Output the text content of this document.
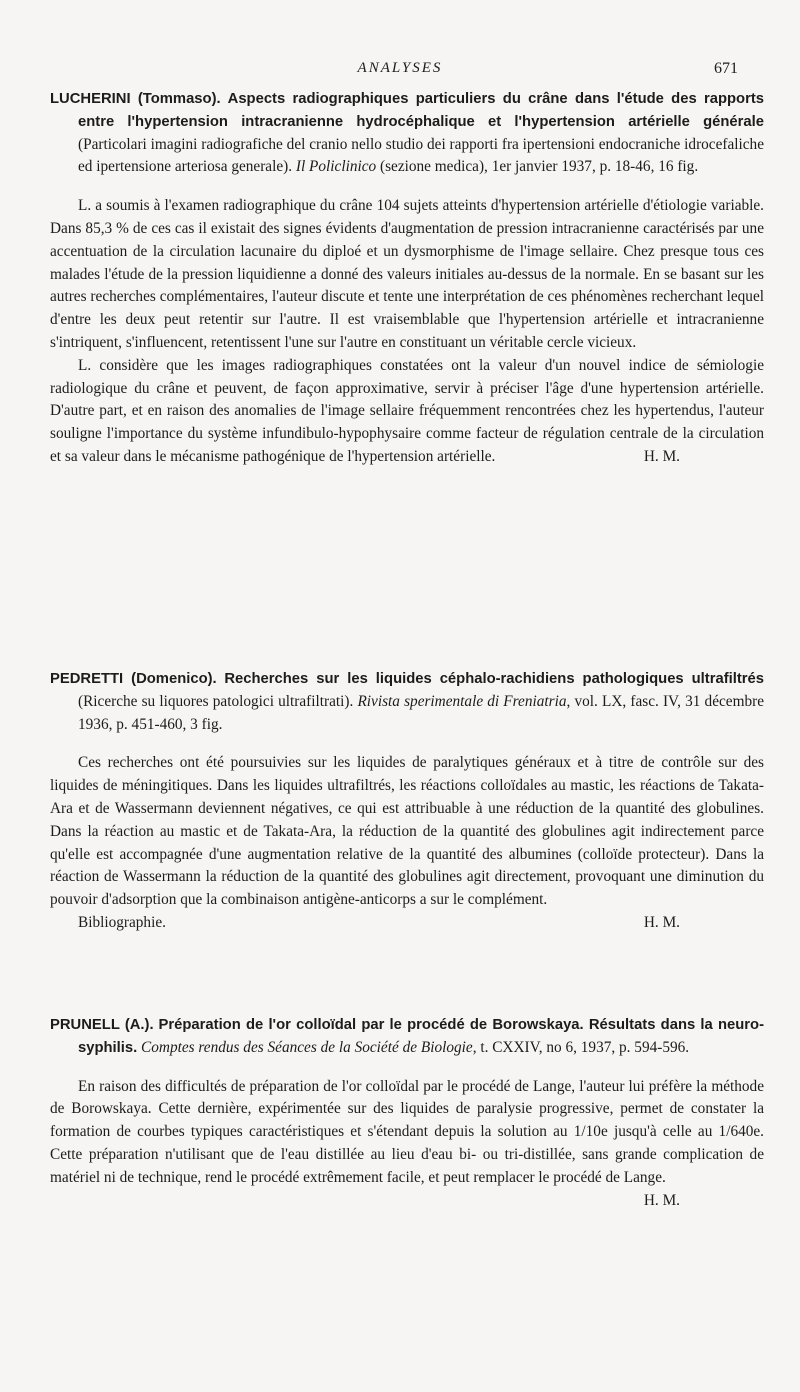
ANALYSES	671

LUCHERINI (Tommaso). Aspects radiographiques particuliers du crâne dans l'étude des rapports entre l'hypertension intracranienne hydrocéphalique et l'hypertension artérielle générale (Particolari imagini radiografiche del cranio nello studio dei rapporti fra ipertensioni endocraniche idrocefaliche ed ipertensione arteriosa generale). Il Policlinico (sezione medica), 1er janvier 1937, p. 18-46, 16 fig.

L. a soumis à l'examen radiographique du crâne 104 sujets atteints d'hypertension artérielle d'étiologie variable. Dans 85,3 % de ces cas il existait des signes évidents d'augmentation de pression intracranienne caractérisés par une accentuation de la circulation lacunaire du diploé et un dysmorphisme de l'image sellaire. Chez presque tous ces malades l'étude de la pression liquidienne a donné des valeurs initiales au-dessus de la normale. En se basant sur les autres recherches complémentaires, l'auteur discute et tente une interprétation de ces phénomènes recherchant lequel d'entre les deux peut retentir sur l'autre. Il est vraisemblable que l'hypertension artérielle et intracranienne s'intriquent, s'influencent, retentissent l'une sur l'autre en constituant un véritable cercle vicieux.

L. considère que les images radiographiques constatées ont la valeur d'un nouvel indice de sémiologie radiologique du crâne et peuvent, de façon approximative, servir à préciser l'âge d'une hypertension artérielle. D'autre part, et en raison des anomalies de l'image sellaire fréquemment rencontrées chez les hypertendus, l'auteur souligne l'importance du système infundibulo-hypophysaire comme facteur de régulation centrale de la circulation et sa valeur dans le mécanisme pathogénique de l'hypertension artérielle.	H. M.

PEDRETTI (Domenico). Recherches sur les liquides céphalo-rachidiens pathologiques ultrafiltrés (Ricerche su liquores patologici ultrafiltrati). Rivista sperimentale di Freniatria, vol. LX, fasc. IV, 31 décembre 1936, p. 451-460, 3 fig.

Ces recherches ont été poursuivies sur les liquides de paralytiques généraux et à titre de contrôle sur des liquides de méningitiques. Dans les liquides ultrafiltrés, les réactions colloïdales au mastic, les réactions de Takata-Ara et de Wassermann deviennent négatives, ce qui est attribuable à une réduction de la quantité des globulines. Dans la réaction au mastic et de Takata-Ara, la réduction de la quantité des globulines agit indirectement parce qu'elle est accompagnée d'une augmentation relative de la quantité des albumines (colloïde protecteur). Dans la réaction de Wassermann la réduction de la quantité des globulines agit directement, provoquant une diminution du pouvoir d'adsorption que la combinaison antigène-anticorps a sur le complément.

Bibliographie.	H. M.

PRUNELL (A.). Préparation de l'or colloïdal par le procédé de Borowskaya. Résultats dans la neuro-syphilis. Comptes rendus des Séances de la Société de Biologie, t. CXXIV, no 6, 1937, p. 594-596.

En raison des difficultés de préparation de l'or colloïdal par le procédé de Lange, l'auteur lui préfère la méthode de Borowskaya. Cette dernière, expérimentée sur des liquides de paralysie progressive, permet de constater la formation de courbes typiques caractéristiques et s'étendant depuis la solution au 1/10e jusqu'à celle au 1/640e. Cette préparation n'utilisant que de l'eau distillée au lieu d'eau bi- ou tri-distillée, sans grande complication de matériel ni de technique, rend le procédé extrêmement facile, et peut remplacer le procédé de Lange.
H. M.
